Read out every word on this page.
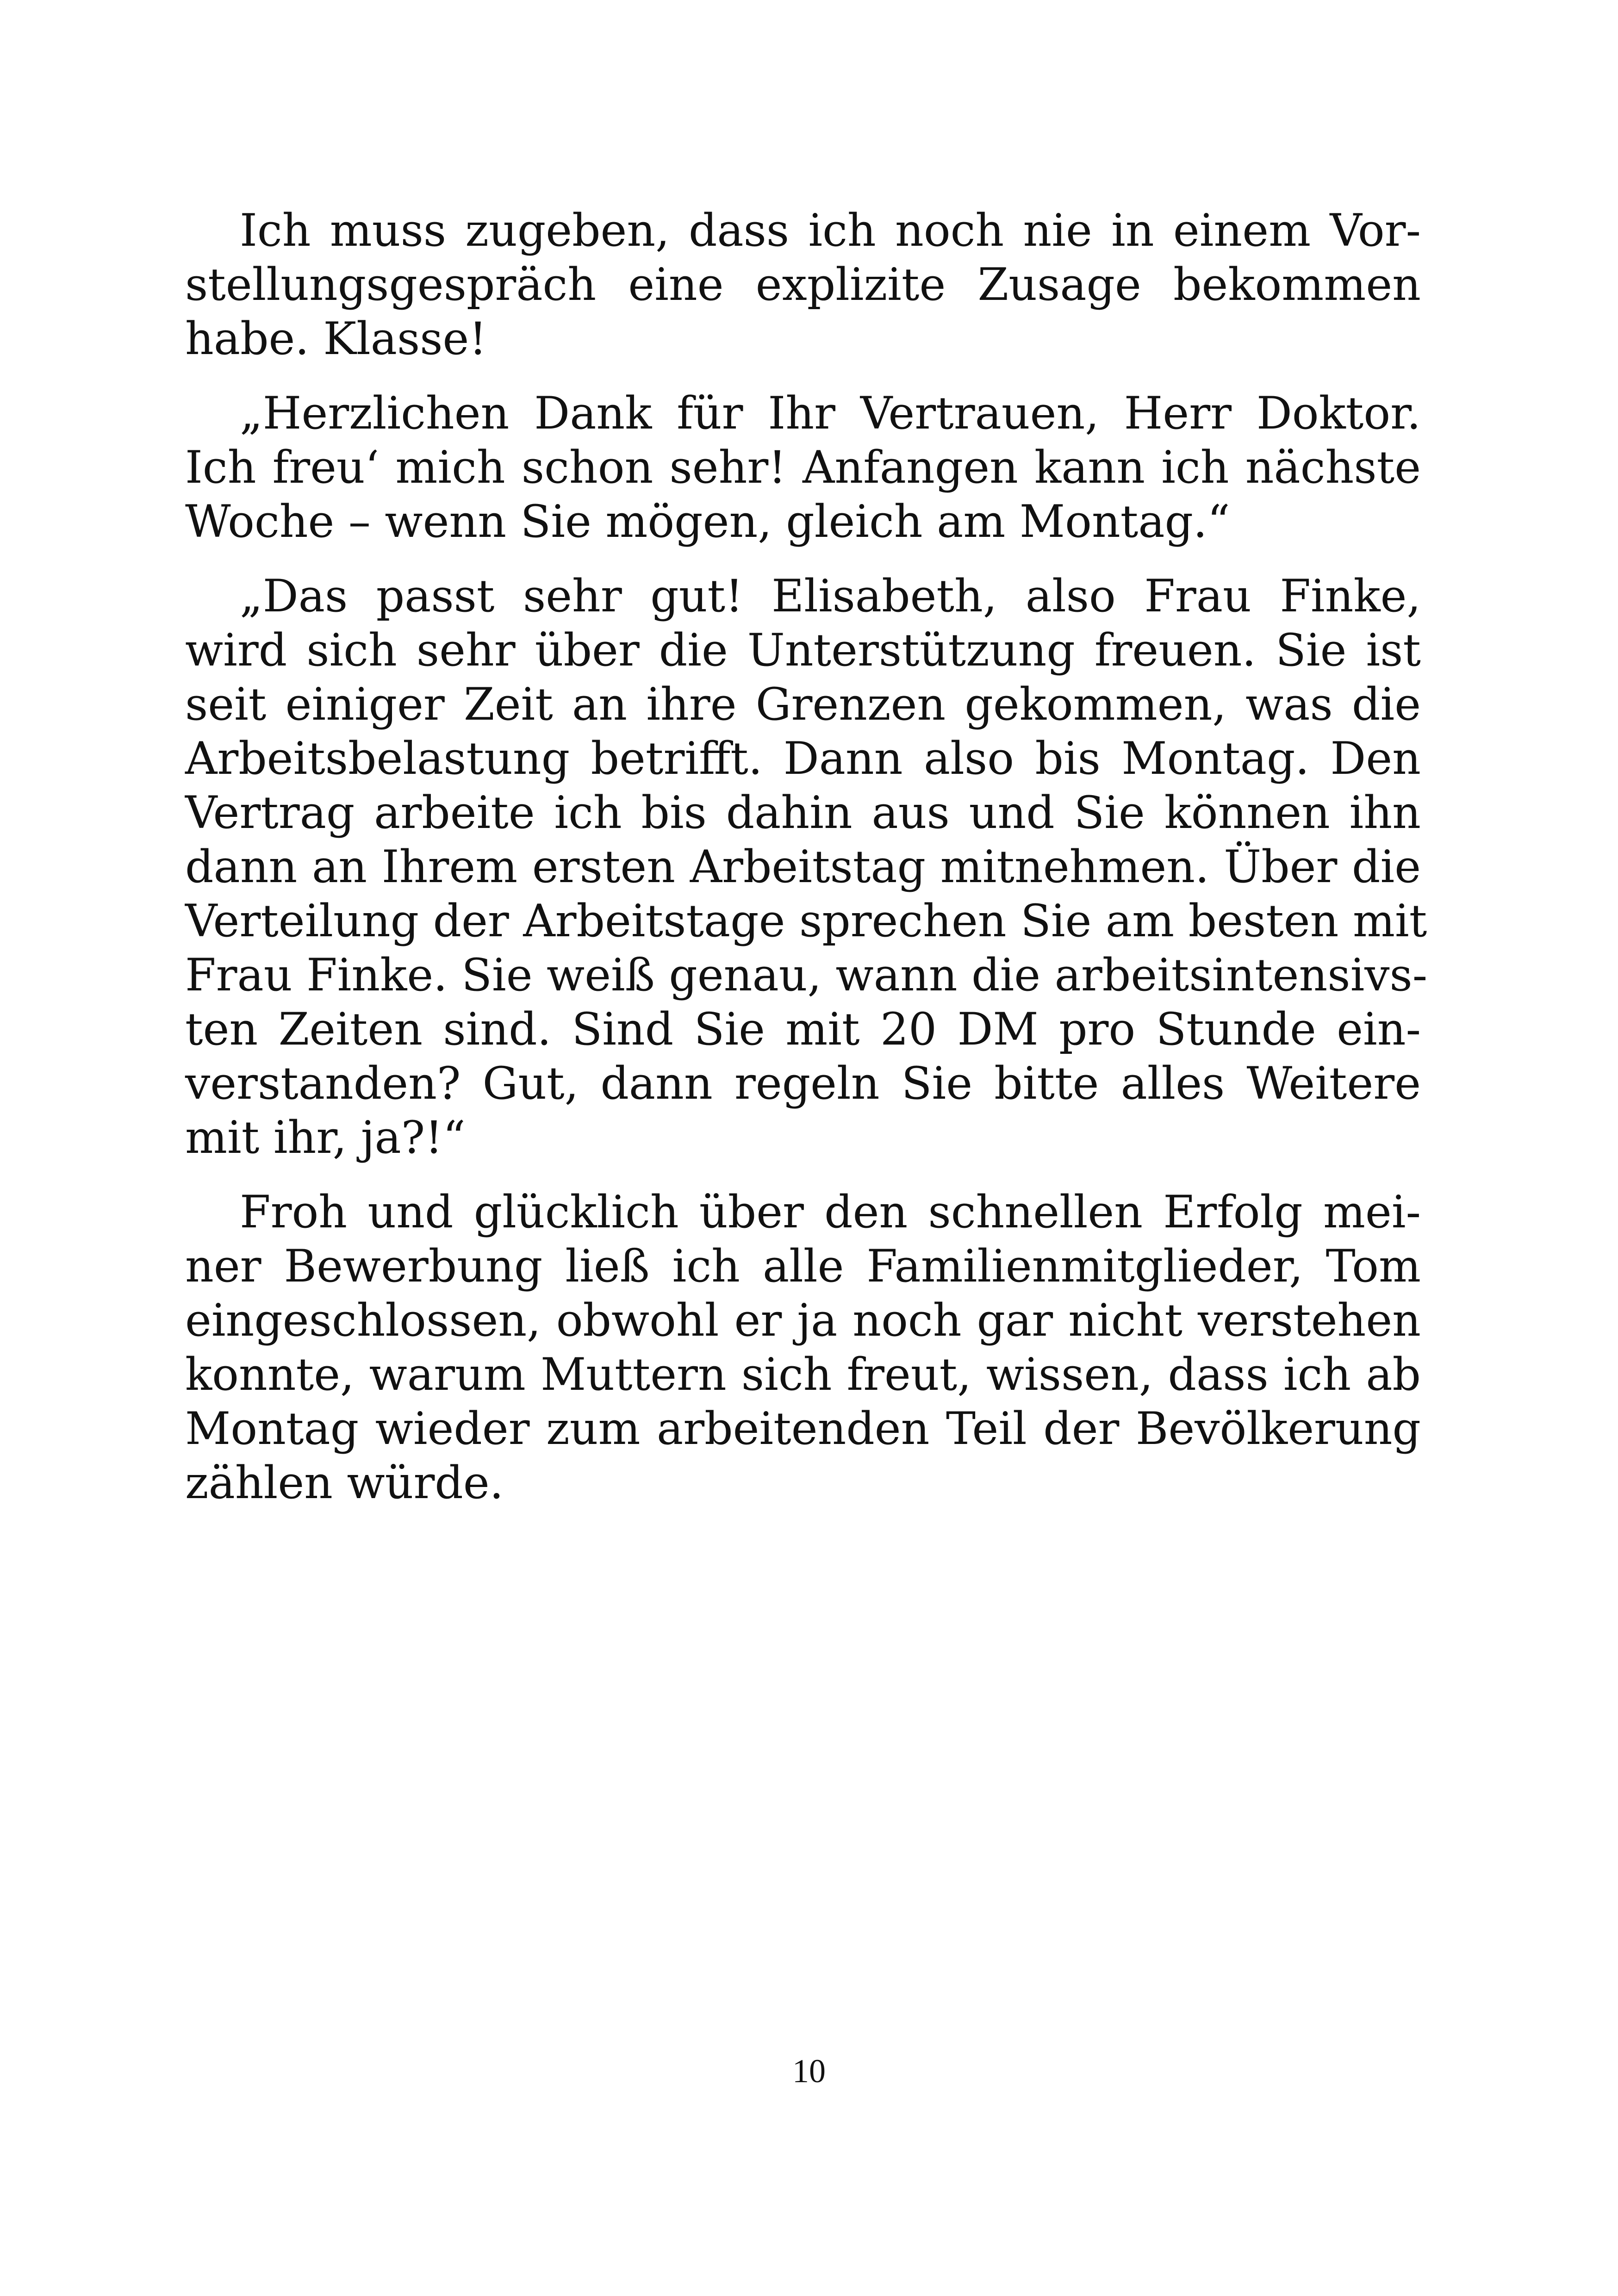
Ich muss zugeben, dass ich noch nie in einem Vor-
stellungsgespräch eine explizite Zusage bekommen
habe. Klasse!

„Herzlichen Dank für Ihr Vertrauen, Herr Doktor.
Ich freu‘ mich schon sehr! Anfangen kann ich nächste
Woche – wenn Sie mögen, gleich am Montag.“

„Das passt sehr gut! Elisabeth, also Frau Finke,
wird sich sehr über die Unterstützung freuen. Sie ist
seit einiger Zeit an ihre Grenzen gekommen, was die
Arbeitsbelastung betrifft. Dann also bis Montag. Den
Vertrag arbeite ich bis dahin aus und Sie können ihn
dann an Ihrem ersten Arbeitstag mitnehmen. Über die
Verteilung der Arbeitstage sprechen Sie am besten mit
Frau Finke. Sie weiß genau, wann die arbeitsintensivs-
ten Zeiten sind. Sind Sie mit 20 DM pro Stunde ein-
verstanden? Gut, dann regeln Sie bitte alles Weitere
mit ihr, ja?!“

Froh und glücklich über den schnellen Erfolg mei-
ner Bewerbung ließ ich alle Familienmitglieder, Tom
eingeschlossen, obwohl er ja noch gar nicht verstehen
konnte, warum Muttern sich freut, wissen, dass ich ab
Montag wieder zum arbeitenden Teil der Bevölkerung
zählen würde.

10
